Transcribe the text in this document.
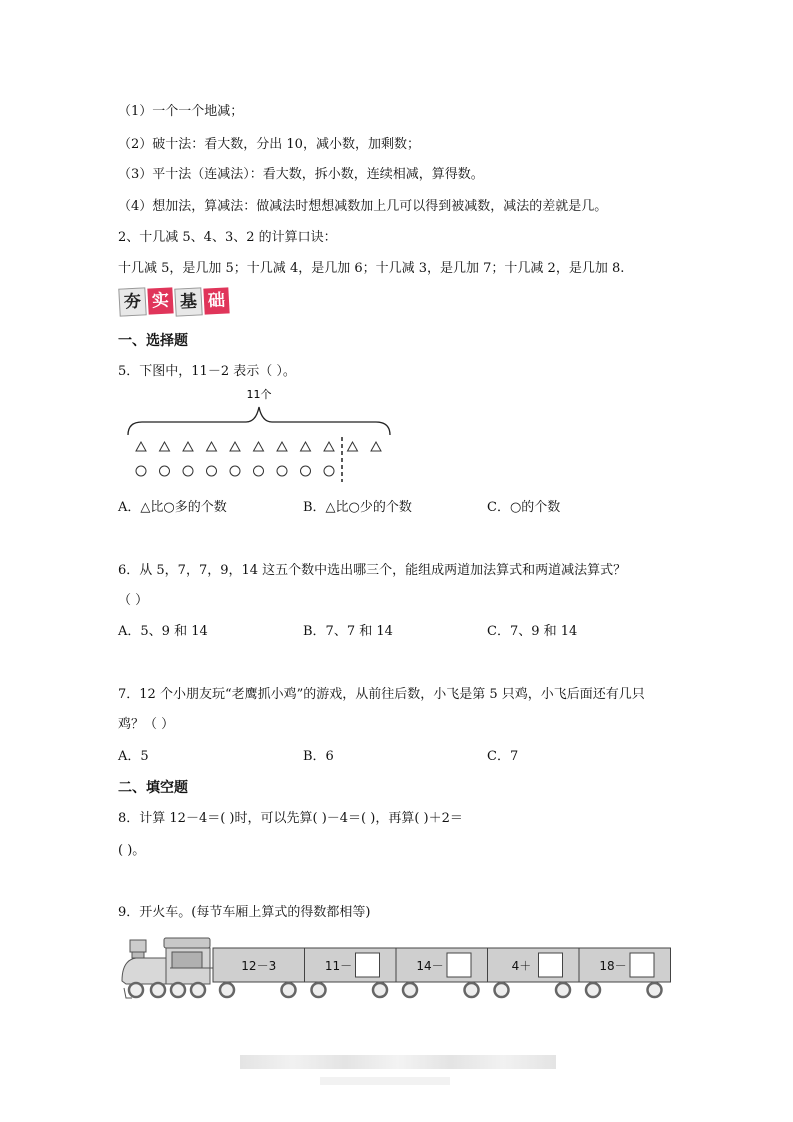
（1）一个一个地减；
（2）破十法：看大数，分出 10，减小数，加剩数；
（3）平十法（连减法）：看大数，拆小数，连续相减，算得数。
（4）想加法，算减法：做减法时想想减数加上几可以得到被减数，减法的差就是几。
2、十几减 5、4、3、2 的计算口诀：
十几减 5，是几加 5；十几减 4，是几加 6；十几减 3，是几加 7；十几减 2，是几加 8.
夯 实 基 础
一、选择题
5．下图中，11－2 表示（ ）。
11个
A．△比○多的个数	B．△比○少的个数	C．○的个数
6．从 5，7，7，9，14 这五个数中选出哪三个，能组成两道加法算式和两道减法算式？
（ ）
A．5、9 和 14	B．7、7 和 14	C．7、9 和 14
7．12 个小朋友玩“老鹰抓小鸡”的游戏，从前往后数，小飞是第 5 只鸡，小飞后面还有几只
鸡？（ ）
A．5	B．6	C．7
二、填空题
8．计算 12－4＝( )时，可以先算( )－4＝( )，再算( )＋2＝
( )。
9．开火车。(每节车厢上算式的得数都相等)
12－3	11－	14－	4＋	18－
